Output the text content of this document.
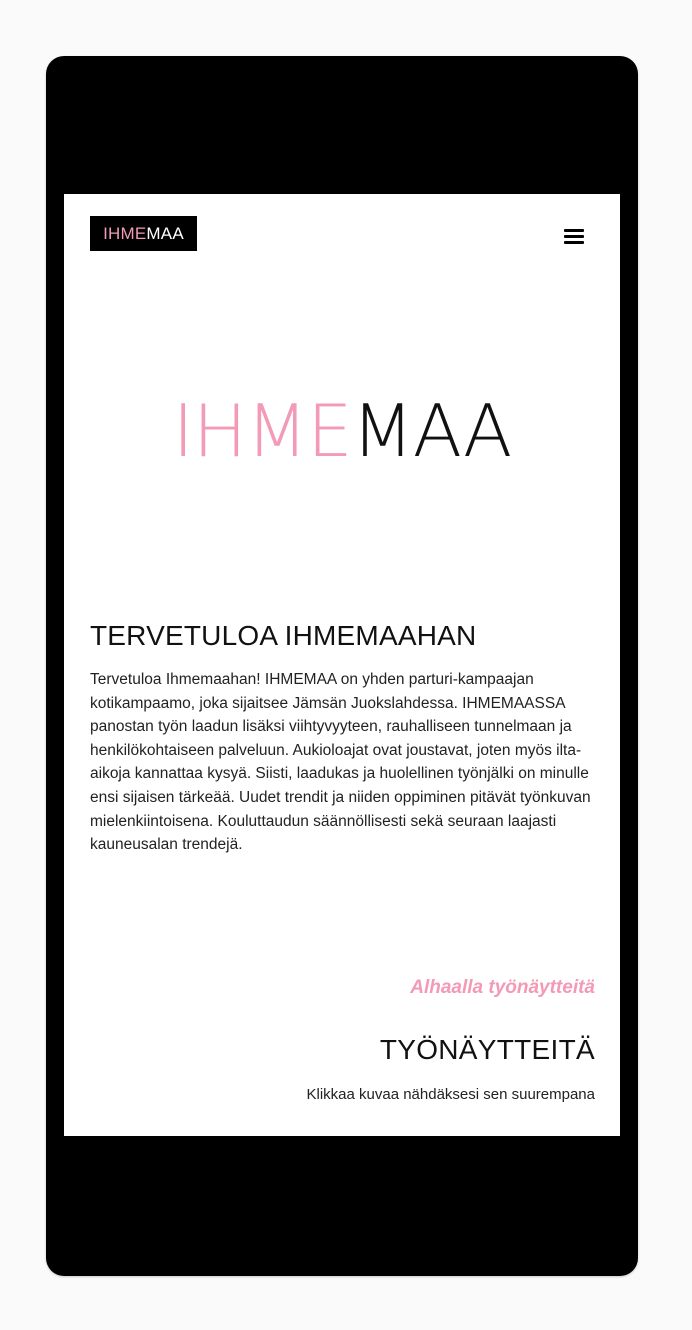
IHME MAA
IHMEMAA
TERVETULOA IHMEMAAHAN

Tervetuloa Ihmemaahan! IHMEMAA on yhden parturi-kampaajan kotikampaamo, joka sijaitsee Jämsän Juokslahdessa. IHMEMAASSA panostan työn laadun lisäksi viihtyvyyteen, rauhalliseen tunnelmaan ja henkilökohtaiseen palveluun. Aukioloajat ovat joustavat, joten myös ilta-aikoja kannattaa kysyä. Siisti, laadukas ja huolellinen työnjälki on minulle ensi sijaisen tärkeää. Uudet trendit ja niiden oppiminen pitävät työnkuvan mielenkiintoisena. Kouluttaudun säännöllisesti sekä seuraan laajasti kauneusalan trendejä.

Alhaalla työnäytteitä
TYÖNÄYTTEITÄ
Klikkaa kuvaa nähdäksesi sen suurempana
